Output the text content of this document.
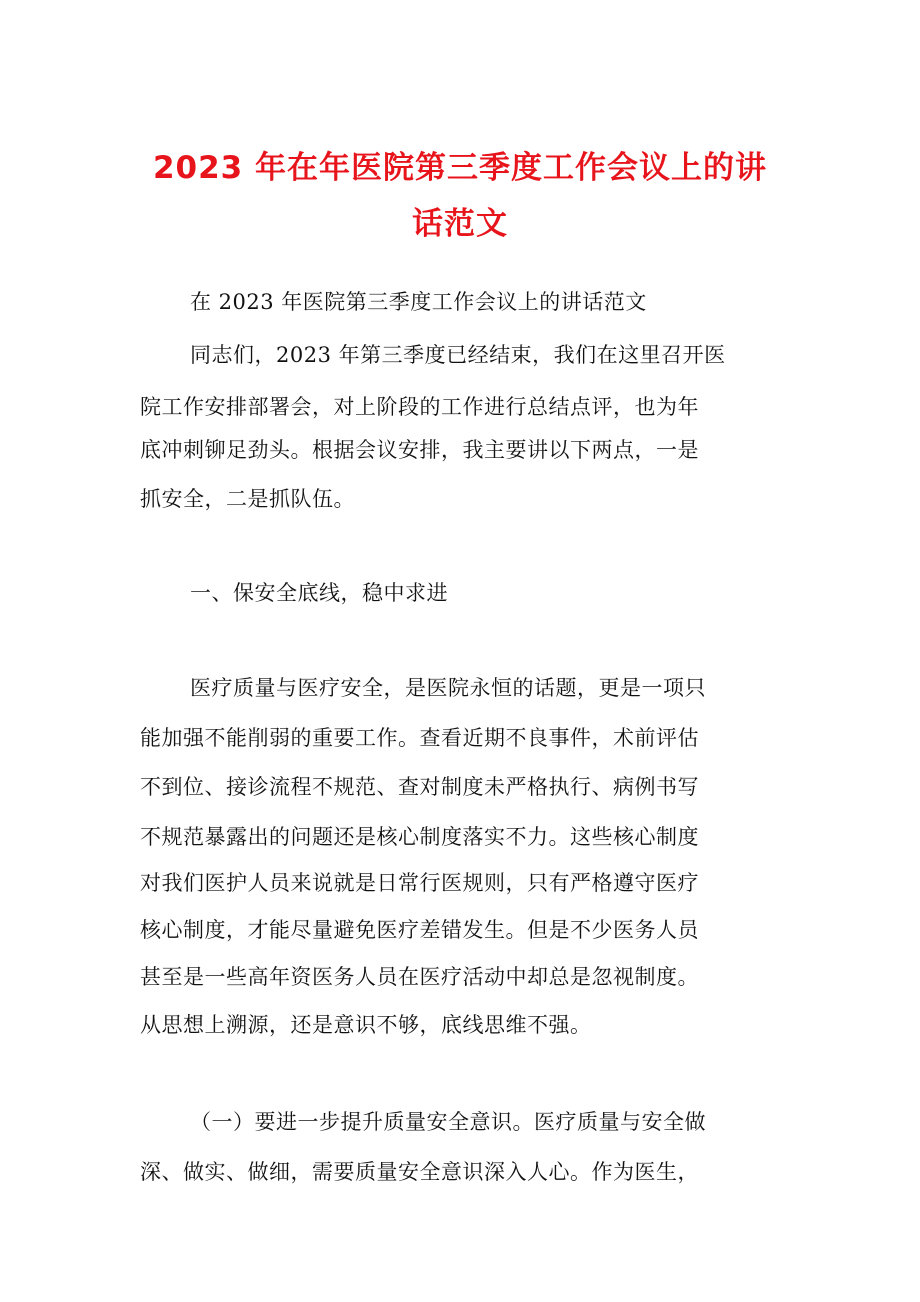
2023 年在年医院第三季度工作会议上的讲
话范文
在 2023 年医院第三季度工作会议上的讲话范文
同志们，2023 年第三季度已经结束，我们在这里召开医
院工作安排部署会，对上阶段的工作进行总结点评，也为年
底冲刺铆足劲头。根据会议安排，我主要讲以下两点，一是
抓安全，二是抓队伍。
一、保安全底线，稳中求进
医疗质量与医疗安全，是医院永恒的话题，更是一项只
能加强不能削弱的重要工作。查看近期不良事件，术前评估
不到位、接诊流程不规范、查对制度未严格执行、病例书写
不规范暴露出的问题还是核心制度落实不力。这些核心制度
对我们医护人员来说就是日常行医规则，只有严格遵守医疗
核心制度，才能尽量避免医疗差错发生。但是不少医务人员
甚至是一些高年资医务人员在医疗活动中却总是忽视制度。
从思想上溯源，还是意识不够，底线思维不强。
（一）要进一步提升质量安全意识。医疗质量与安全做
深、做实、做细，需要质量安全意识深入人心。作为医生，
